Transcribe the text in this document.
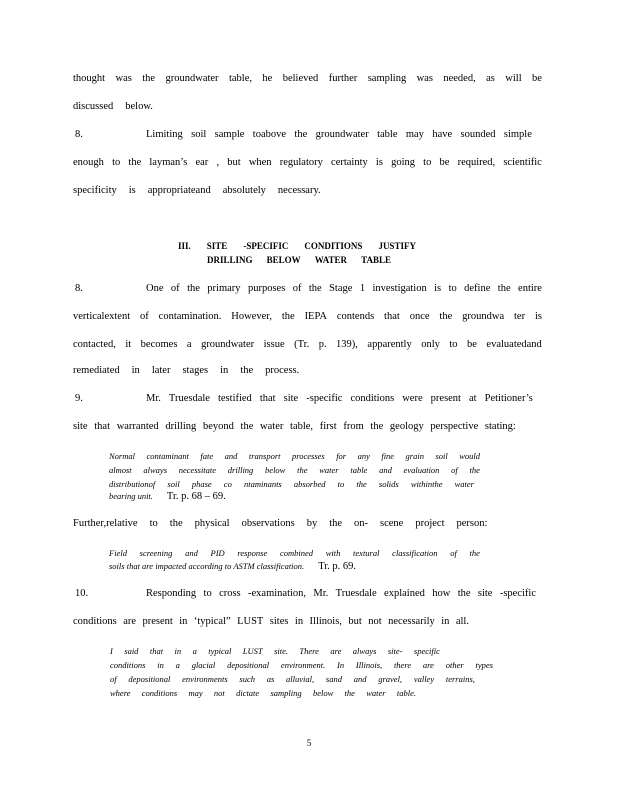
thought was the groundwater table, he believed further sampling was needed, as will be
discussed below.
8.	Limiting soil sample toabove the groundwater table may have sounded simple
enough to the layman’s ear , but when regulatory certainty is going to be required, scientific
specificity is appropriateand absolutely necessary.
III. SITE -SPECIFIC CONDITIONS JUSTIFY
DRILLING BELOW WATER TABLE
8.	One of the primary purposes of the Stage 1 investigation is to define the entire
verticalextent of contamination. However, the IEPA contends that once the groundwa ter is
contacted, it becomes a groundwater issue (Tr. p. 139), apparently only to be evaluatedand
remediated in later stages in the process.
9.	Mr. Truesdale testified that site -specific conditions were present at Petitioner’s
site that warranted drilling beyond the water table, first from the geology perspective stating:
Normal contaminant fate and transport processes for any fine grain soil would
almost always necessitate drilling below the water table and evaluation of the
distributionof soil phase co ntaminants absorbed to the solids withinthe water
bearing unit. Tr. p. 68 – 69.
Further,relative to the physical observations by the on- scene project person:
Field screening and PID response combined with textural classification of the
soils that are impacted according to ASTM classification. Tr. p. 69.
10.	Responding to cross -examination, Mr. Truesdale explained how the site -specific
conditions are present in ‘typical” LUST sites in Illinois, but not necessarily in all.
I said that in a typical LUST site. There are always site- specific
conditions in a glacial depositional environment. In Illinois, there are other types
of depositional environments such as alluvial, sand and gravel, valley terrains,
where conditions may not dictate sampling below the water table.
5
